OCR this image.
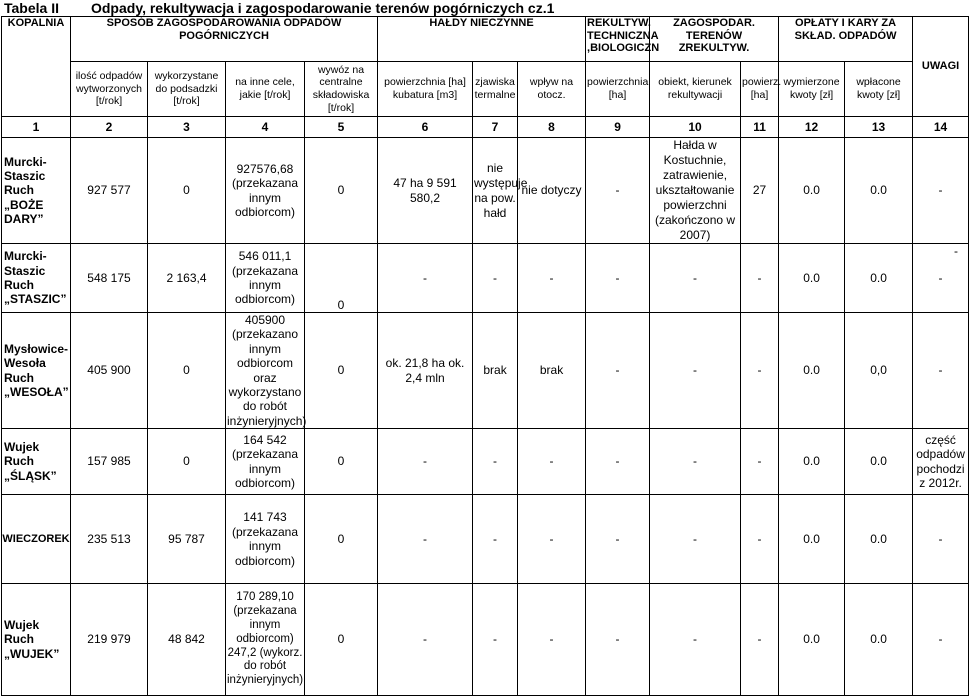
Tabela II Odpady, rekultywacja i zagospodarowanie terenów pogórniczych cz.1
KOPALNIA	SPOSÓB ZAGOSPODAROWANIA ODPADÓW POGÓRNICZYCH				HAŁDY NIECZYNNE			REKULTYW. TECHNICZNA ,BIOLOGICZN	ZAGOSPODAR. TERENÓW ZREKULTYW.		OPŁATY I KARY ZA SKŁAD. ODPADÓW		UWAGI
	ilość odpadów wytworzonych [t/rok]	wykorzystane do podsadzki [t/rok]	na inne cele, jakie [t/rok]	wywóz na centralne składowiska [t/rok]	powierzchnia [ha] kubatura [m3]	zjawiska termalne	wpływ na otocz.	powierzchnia [ha]	obiekt, kierunek rekultywacji	powierz. [ha]	wymierzone kwoty [zł]	wpłacone kwoty [zł]	
1	2	3	4	5	6	7	8	9	10	11	12	13	14
Murcki-Staszic Ruch „BOŻE DARY”	927 577	0	927576,68 (przekazana innym odbiorcom)	0	47 ha 9 591 580,2	nie występuje na pow. hałd	nie dotyczy	-	Hałda w Kostuchnie, zatrawienie, ukształtowanie powierzchni (zakończono w 2007)	27	0.0	0.0	-
Murcki-Staszic Ruch „STASZIC”	548 175	2 163,4	546 011,1 (przekazana innym odbiorcom)	0	-	-	-	-	-	-	0.0	0.0	-
Mysłowice-Wesoła Ruch „WESOŁA”	405 900	0	405900 (przekazano innym odbiorcom oraz wykorzystano do robót inżynieryjnych)	0	ok. 21,8 ha ok. 2,4 mln	brak	brak	-	-	-	0.0	0,0	-
Wujek Ruch „ŚLĄSK”	157 985	0	164 542 (przekazana innym odbiorcom)	0	-	-	-	-	-	-	0.0	0.0	część odpadów pochodzi z 2012r.
WIECZOREK	235 513	95 787	141 743 (przekazana innym odbiorcom)	0	-	-	-	-	-	-	0.0	0.0	-
Wujek Ruch „WUJEK”	219 979	48 842	170 289,10 (przekazana innym odbiorcom) 247,2 (wykorz. do robót inżynieryjnych)	0	-	-	-	-	-	-	0.0	0.0	-
-
